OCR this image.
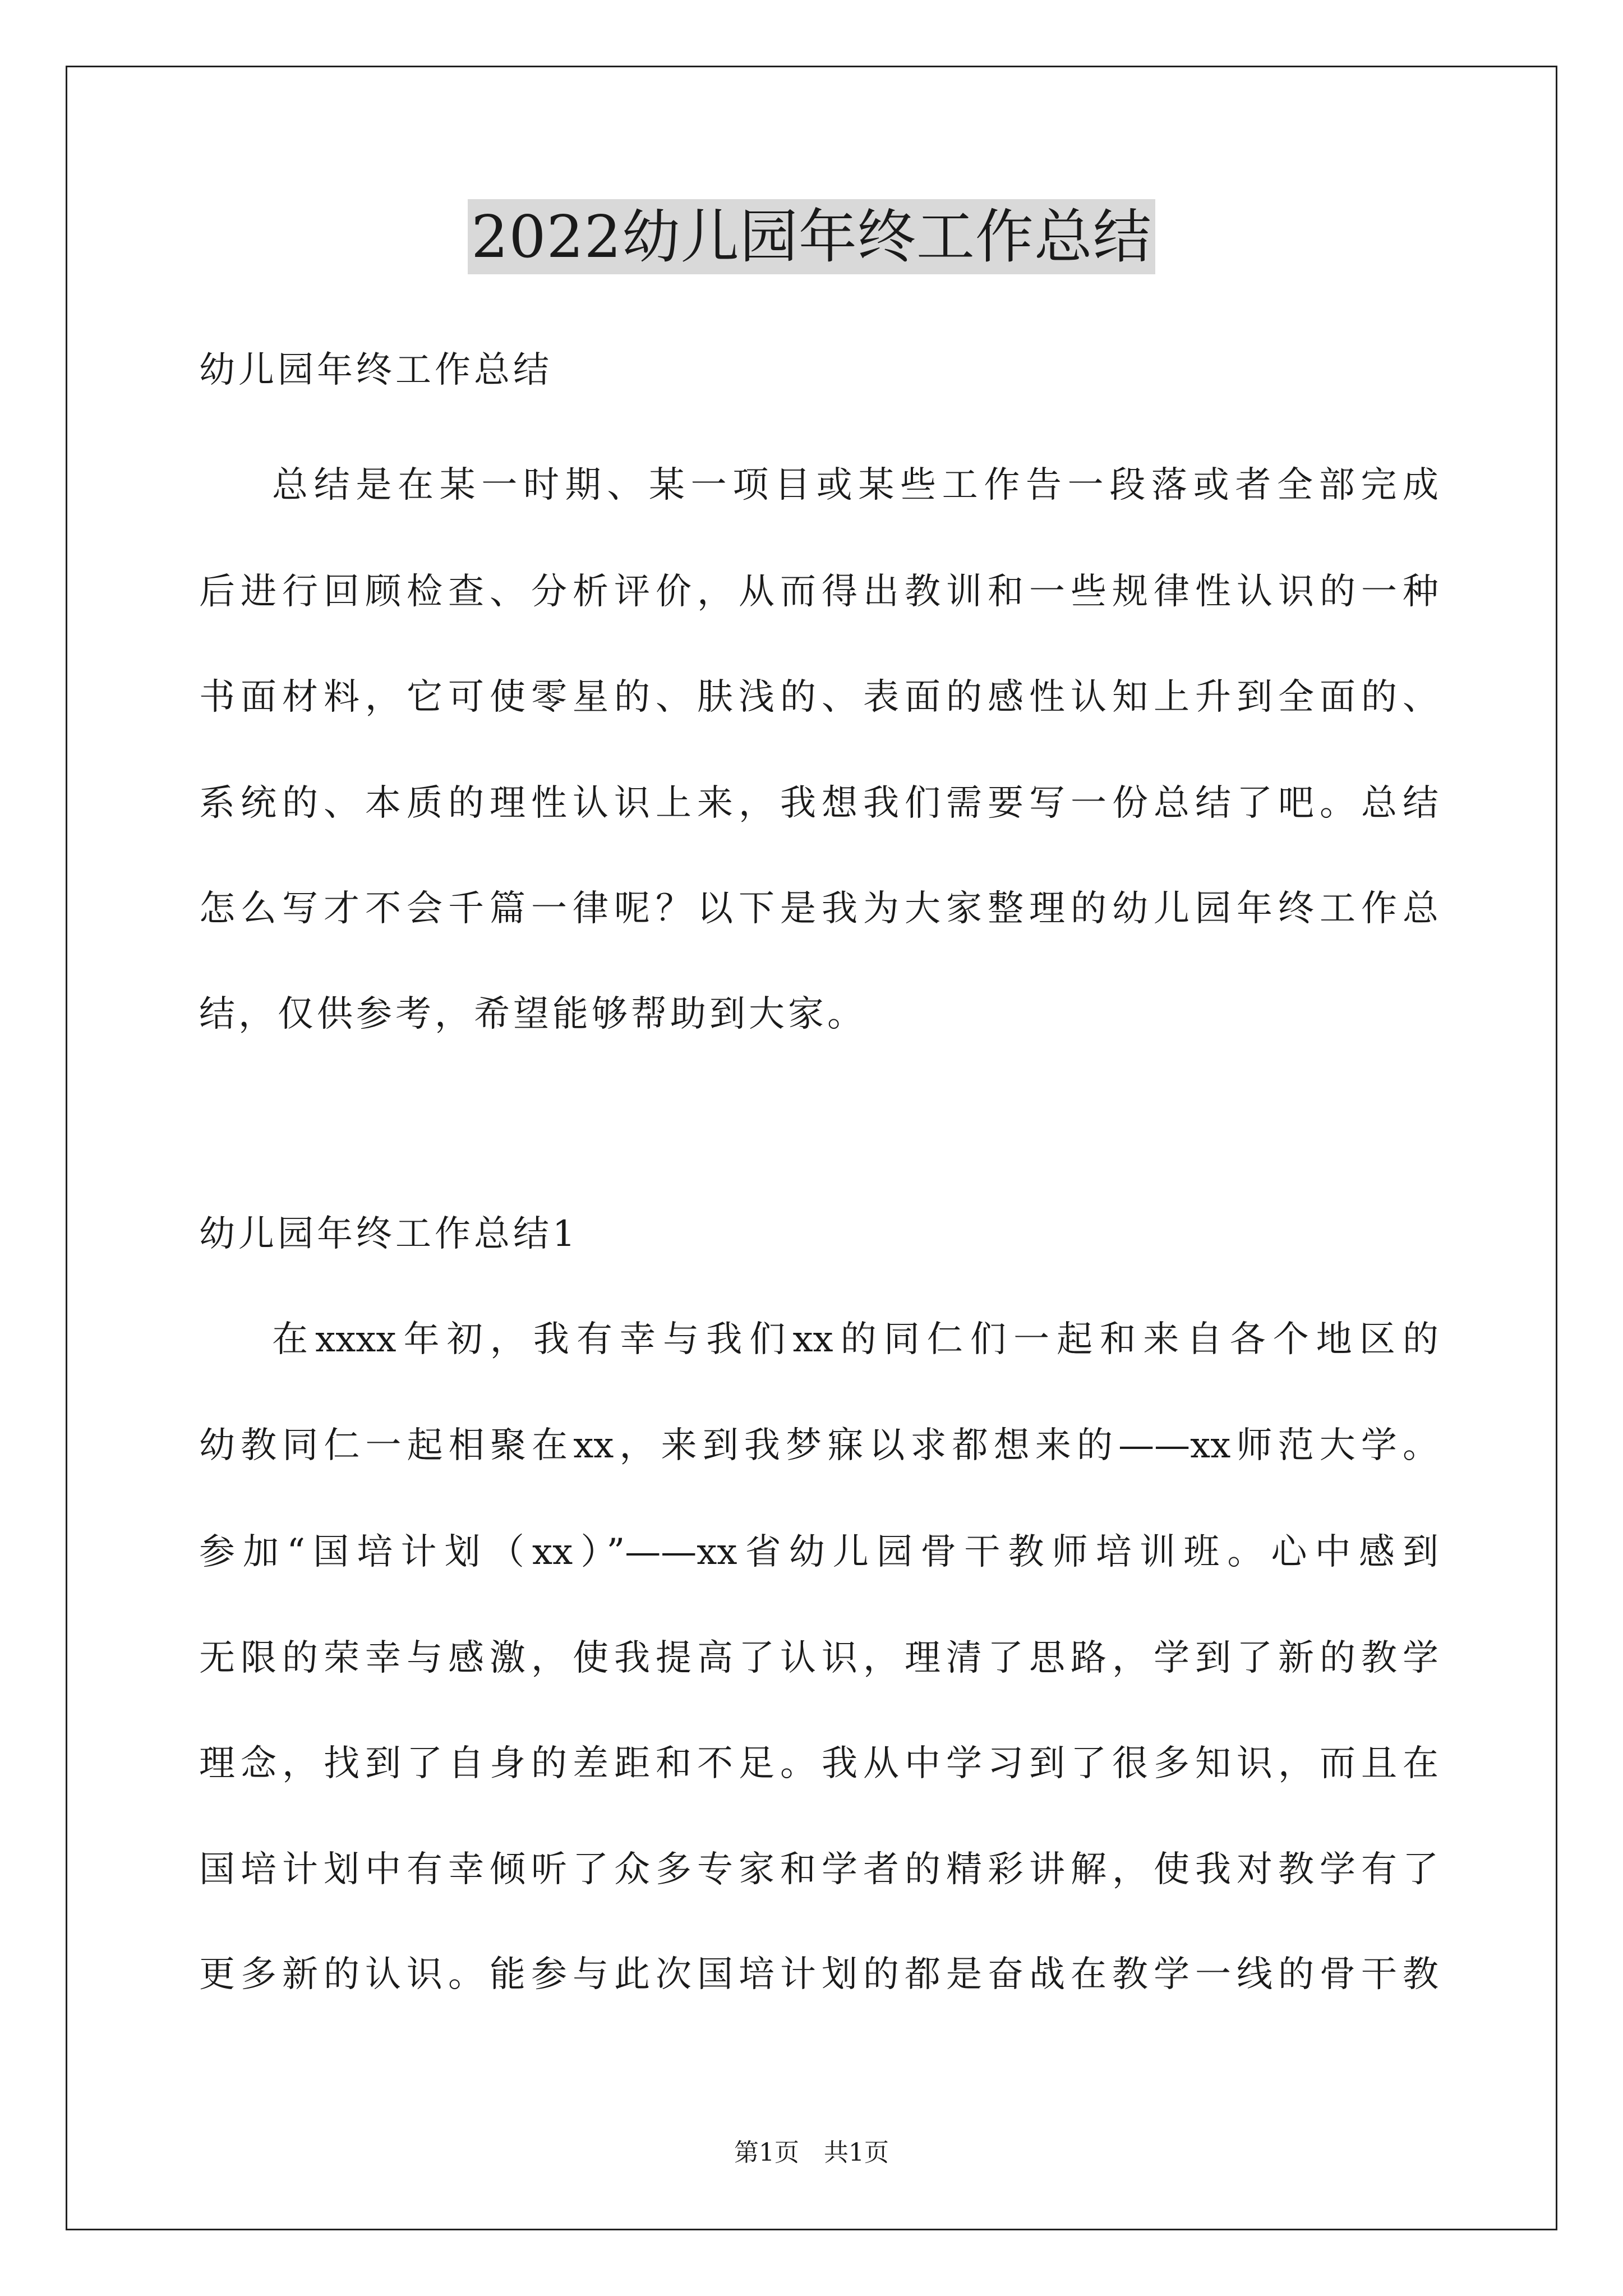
2022幼儿园年终工作总结
幼儿园年终工作总结
总结是在某一时期、某一项目或某些工作告一段落或者全部完成
后进行回顾检查、分析评价，从而得出教训和一些规律性认识的一种
书面材料，它可使零星的、肤浅的、表面的感性认知上升到全面的、
系统的、本质的理性认识上来，我想我们需要写一份总结了吧。总结
怎么写才不会千篇一律呢？以下是我为大家整理的幼儿园年终工作总
结，仅供参考，希望能够帮助到大家。
幼儿园年终工作总结1
在xxxx年初，我有幸与我们xx的同仁们一起和来自各个地区的
幼教同仁一起相聚在xx，来到我梦寐以求都想来的——xx师范大学。
参加“国培计划（xx）”——xx省幼儿园骨干教师培训班。心中感到
无限的荣幸与感激，使我提高了认识，理清了思路，学到了新的教学
理念，找到了自身的差距和不足。我从中学习到了很多知识，而且在
国培计划中有幸倾听了众多专家和学者的精彩讲解，使我对教学有了
更多新的认识。能参与此次国培计划的都是奋战在教学一线的骨干教
第1页　共1页
